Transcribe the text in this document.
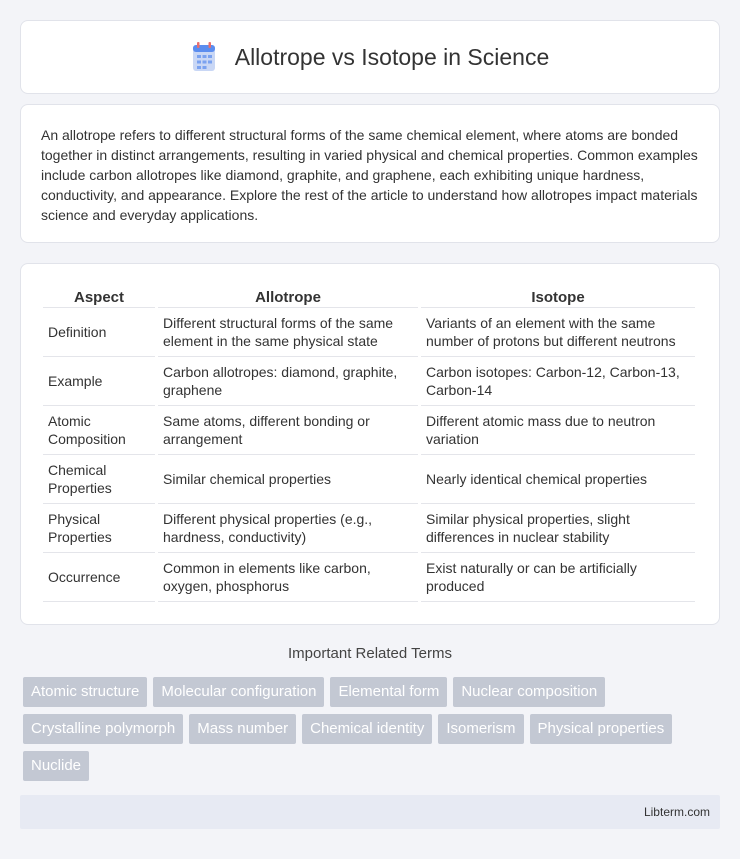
Allotrope vs Isotope in Science

An allotrope refers to different structural forms of the same chemical element, where atoms are bonded together in distinct arrangements, resulting in varied physical and chemical properties. Common examples include carbon allotropes like diamond, graphite, and graphene, each exhibiting unique hardness, conductivity, and appearance. Explore the rest of the article to understand how allotropes impact materials science and everyday applications.

Aspect	Allotrope	Isotope
Definition	Different structural forms of the same element in the same physical state	Variants of an element with the same number of protons but different neutrons
Example	Carbon allotropes: diamond, graphite, graphene	Carbon isotopes: Carbon-12, Carbon-13, Carbon-14
Atomic Composition	Same atoms, different bonding or arrangement	Different atomic mass due to neutron variation
Chemical Properties	Similar chemical properties	Nearly identical chemical properties
Physical Properties	Different physical properties (e.g., hardness, conductivity)	Similar physical properties, slight differences in nuclear stability
Occurrence	Common in elements like carbon, oxygen, phosphorus	Exist naturally or can be artificially produced
Important Related Terms
Atomic structure	Molecular configuration	Elemental form	Nuclear composition
Crystalline polymorph	Mass number	Chemical identity	Isomerism	Physical properties
Nuclide
Libterm.com
